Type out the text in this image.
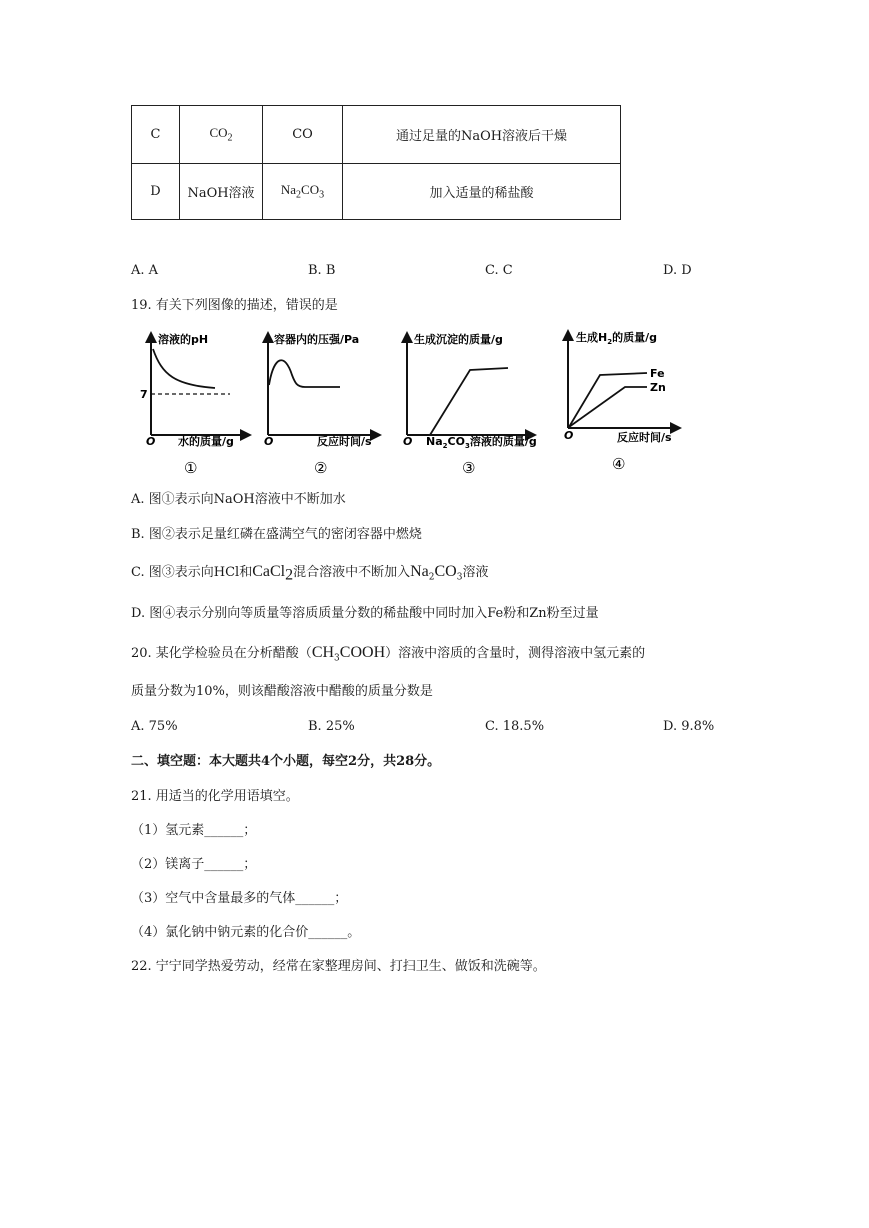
C	$CO_2$	CO	通过足量的NaOH溶液后干燥
D	NaOH溶液	$Na_2CO_3$	加入适量的稀盐酸
A. A	B. B	C. C	D. D
19. 有关下列图像的描述，错误的是
溶液的pH
7
O 水的质量/g
①
容器内的压强/Pa
O	反应时间/s
②
生成沉淀的质量/g
O $Na_2CO_3$溶液的质量/g
③
生成$H_2$的质量/g
Fe
Zn
O	反应时间/s
④
A. 图①表示向NaOH溶液中不断加水
B. 图②表示足量红磷在盛满空气的密闭容器中燃烧
C. 图③表示向HCl和CaCl$_2$混合溶液中不断加入$Na_2CO_3$溶液
D. 图④表示分别向等质量等溶质质量分数的稀盐酸中同时加入Fe粉和Zn粉至过量
20. 某化学检验员在分析醋酸$(CH_3COOH)$溶液中溶质的含量时，测得溶液中氢元素的
质量分数为10%，则该醋酸溶液中醋酸的质量分数是
A. 75%	B. 25%	C. 18.5%	D. 9.8%
二、填空题：本大题共4个小题，每空2分，共28分。
21. 用适当的化学用语填空。
（1）氢元素______；
（2）镁离子______；
（3）空气中含量最多的气体______；
（4）氯化钠中钠元素的化合价______。
22. 宁宁同学热爱劳动，经常在家整理房间、打扫卫生、做饭和洗碗等。
